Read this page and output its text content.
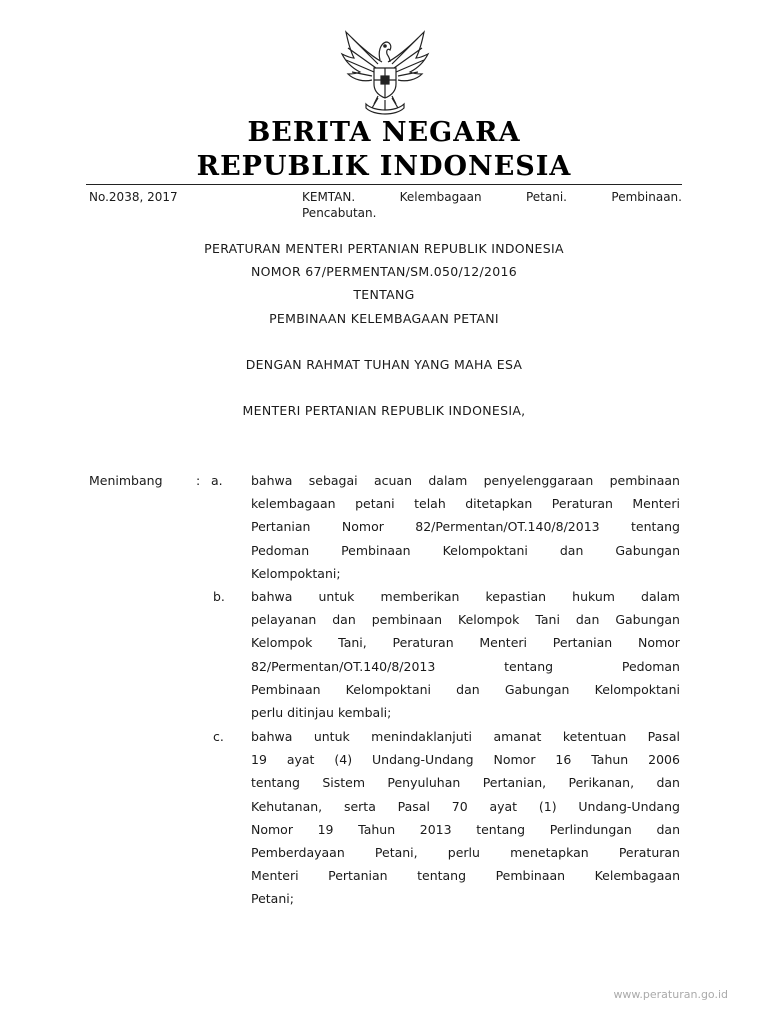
BERITA NEGARA
REPUBLIK INDONESIA
No.2038, 2017	KEMTAN.	Kelembagaan	Petani.	Pembinaan.
Pencabutan.
PERATURAN MENTERI PERTANIAN REPUBLIK INDONESIA
NOMOR 67/PERMENTAN/SM.050/12/2016
TENTANG
PEMBINAAN KELEMBAGAAN PETANI
DENGAN RAHMAT TUHAN YANG MAHA ESA
MENTERI PERTANIAN REPUBLIK INDONESIA,
Menimbang	: a. bahwa sebagai acuan dalam penyelenggaraan pembinaan
kelembagaan petani telah ditetapkan Peraturan Menteri
Pertanian	Nomor	82/Permentan/OT.140/8/2013	tentang
Pedoman	Pembinaan	Kelompoktani	dan	Gabungan
Kelompoktani;
b. bahwa untuk memberikan kepastian hukum dalam
pelayanan dan pembinaan Kelompok Tani dan Gabungan
Kelompok Tani, Peraturan Menteri Pertanian Nomor
82/Permentan/OT.140/8/2013	tentang	Pedoman
Pembinaan Kelompoktani dan Gabungan Kelompoktani
perlu ditinjau kembali;
c. bahwa untuk menindaklanjuti amanat ketentuan Pasal
19 ayat (4) Undang-Undang Nomor 16 Tahun 2006
tentang Sistem Penyuluhan Pertanian, Perikanan, dan
Kehutanan, serta Pasal 70 ayat (1) Undang-Undang
Nomor 19 Tahun 2013 tentang Perlindungan dan
Pemberdayaan Petani, perlu menetapkan Peraturan
Menteri Pertanian tentang Pembinaan Kelembagaan
Petani;
www.peraturan.go.id
